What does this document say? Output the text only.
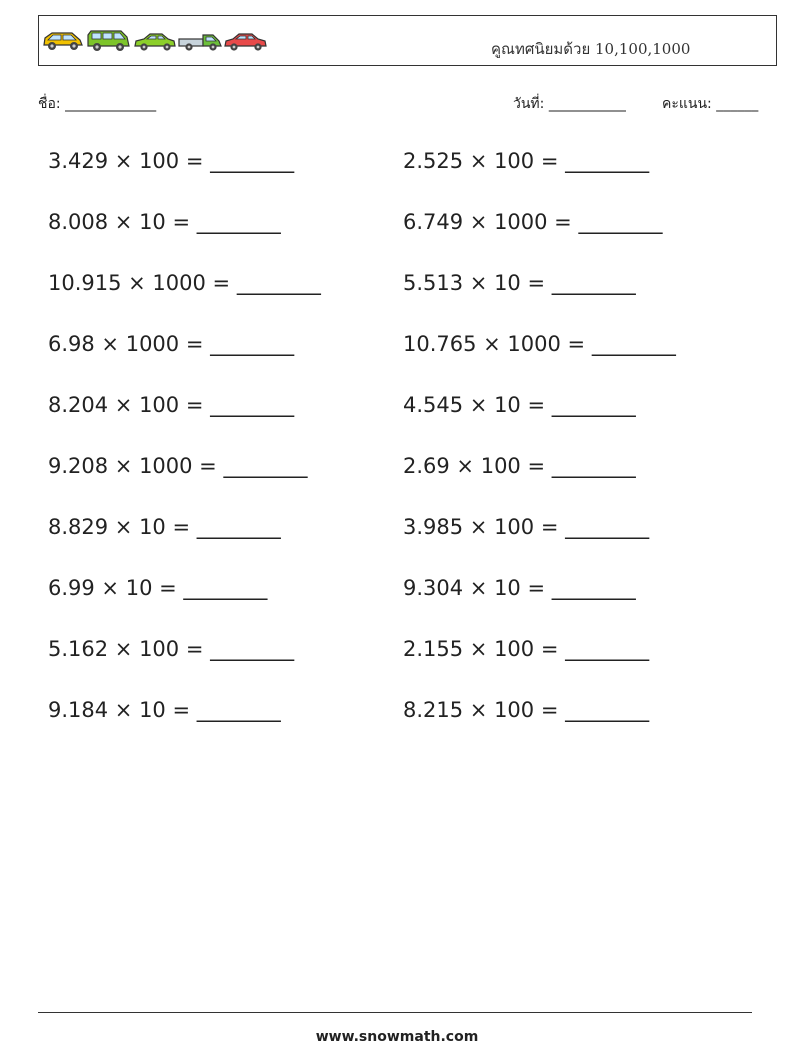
คูณทศนิยมด้วย 10,100,1000
ชื่อ: _____________	วันที่: ___________	คะแนน: ______
3.429 × 100 = ________	2.525 × 100 = ________
8.008 × 10 = ________	6.749 × 1000 = ________
10.915 × 1000 = ________	5.513 × 10 = ________
6.98 × 1000 = ________	10.765 × 1000 = ________
8.204 × 100 = ________	4.545 × 10 = ________
9.208 × 1000 = ________	2.69 × 100 = ________
8.829 × 10 = ________	3.985 × 100 = ________
6.99 × 10 = ________	9.304 × 10 = ________
5.162 × 100 = ________	2.155 × 100 = ________
9.184 × 10 = ________	8.215 × 100 = ________
www.snowmath.com
